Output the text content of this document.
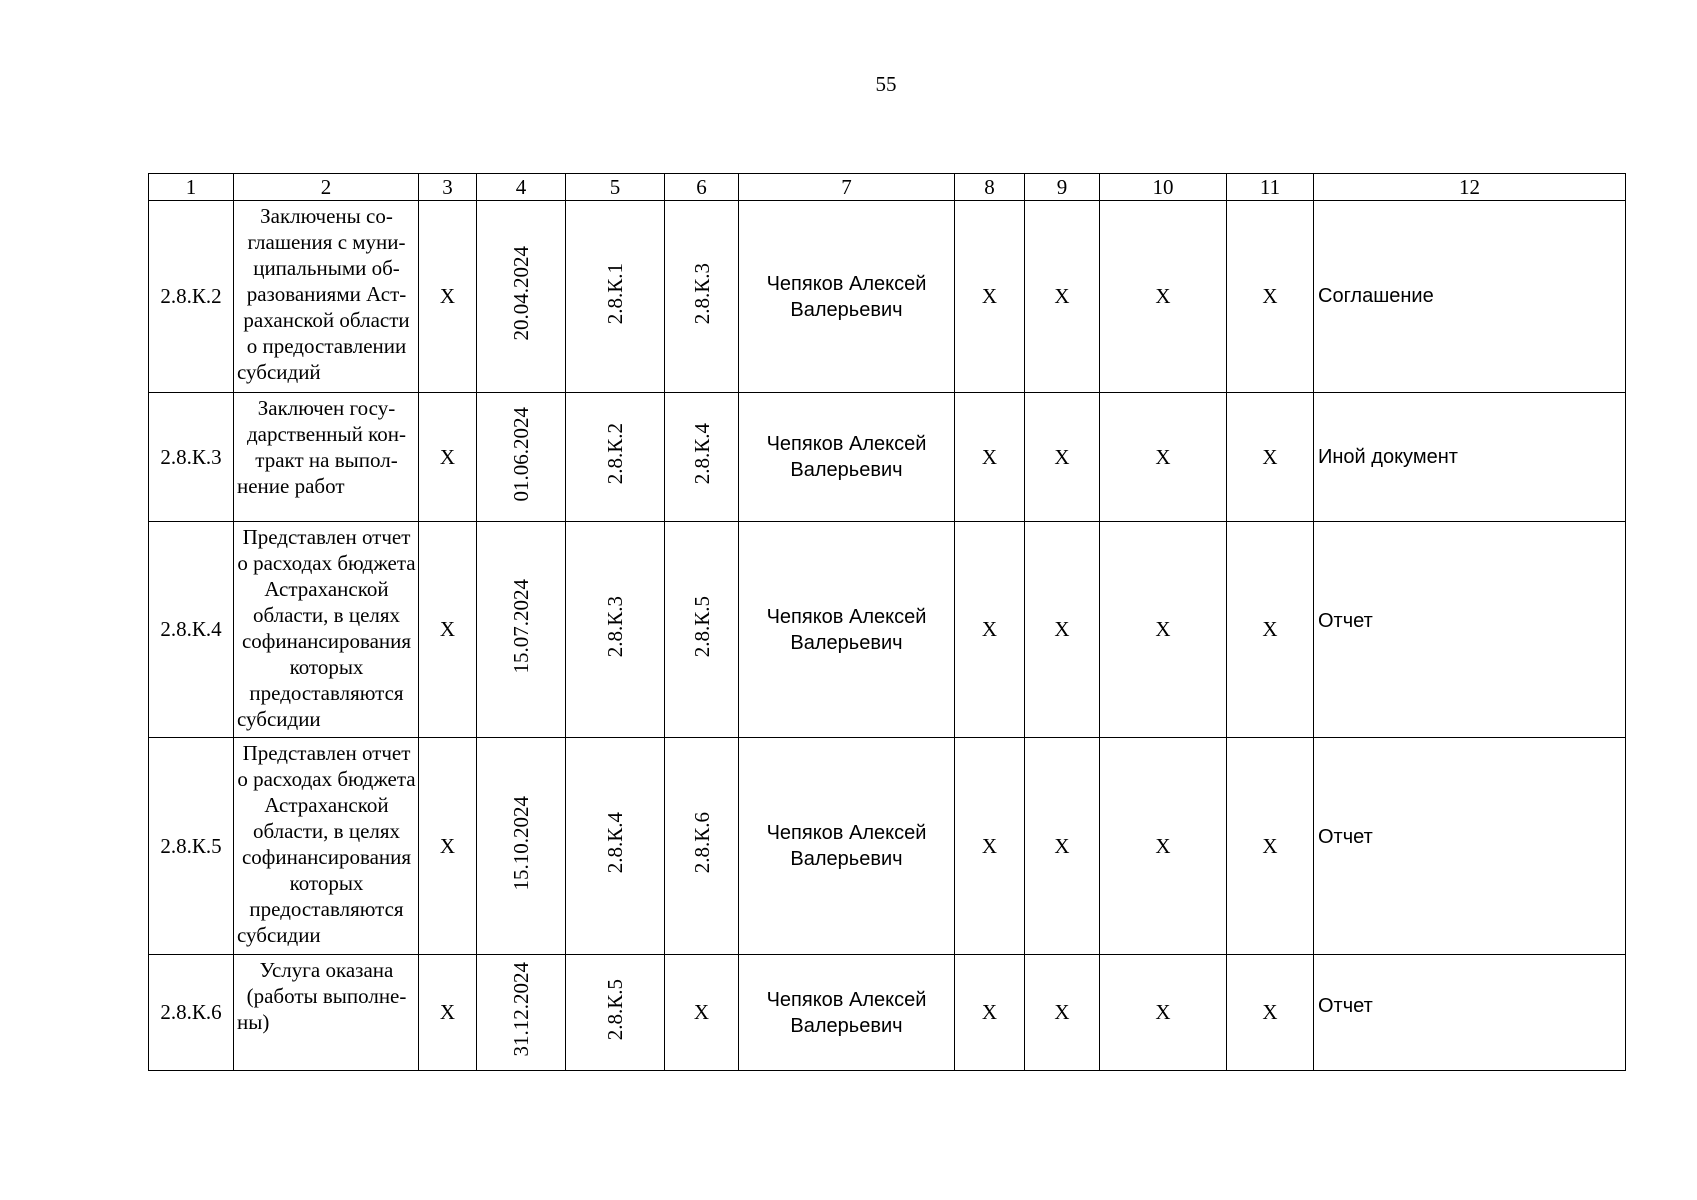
55
1	2	3	4	5	6	7	8	9	10	11	12
2.8.К.2	Заключены соглашения с муниципальными образованиями Астраханской области о предоставлении субсидий	X	20.04.2024	2.8.К.1	2.8.К.3	Чепяков Алексей Валерьевич	X	X	X	X	Соглашение
2.8.К.3	Заключен государственный контракт на выполнение работ	X	01.06.2024	2.8.К.2	2.8.К.4	Чепяков Алексей Валерьевич	X	X	X	X	Иной документ
2.8.К.4	Представлен отчет о расходах бюджета Астраханской области, в целях софинансирования которых предоставляются субсидии	X	15.07.2024	2.8.К.3	2.8.К.5	Чепяков Алексей Валерьевич	X	X	X	X	Отчет
2.8.К.5	Представлен отчет о расходах бюджета Астраханской области, в целях софинансирования которых предоставляются субсидии	X	15.10.2024	2.8.К.4	2.8.К.6	Чепяков Алексей Валерьевич	X	X	X	X	Отчет
2.8.К.6	Услуга оказана (работы выполнены)	X	31.12.2024	2.8.К.5	X	Чепяков Алексей Валерьевич	X	X	X	X	Отчет
